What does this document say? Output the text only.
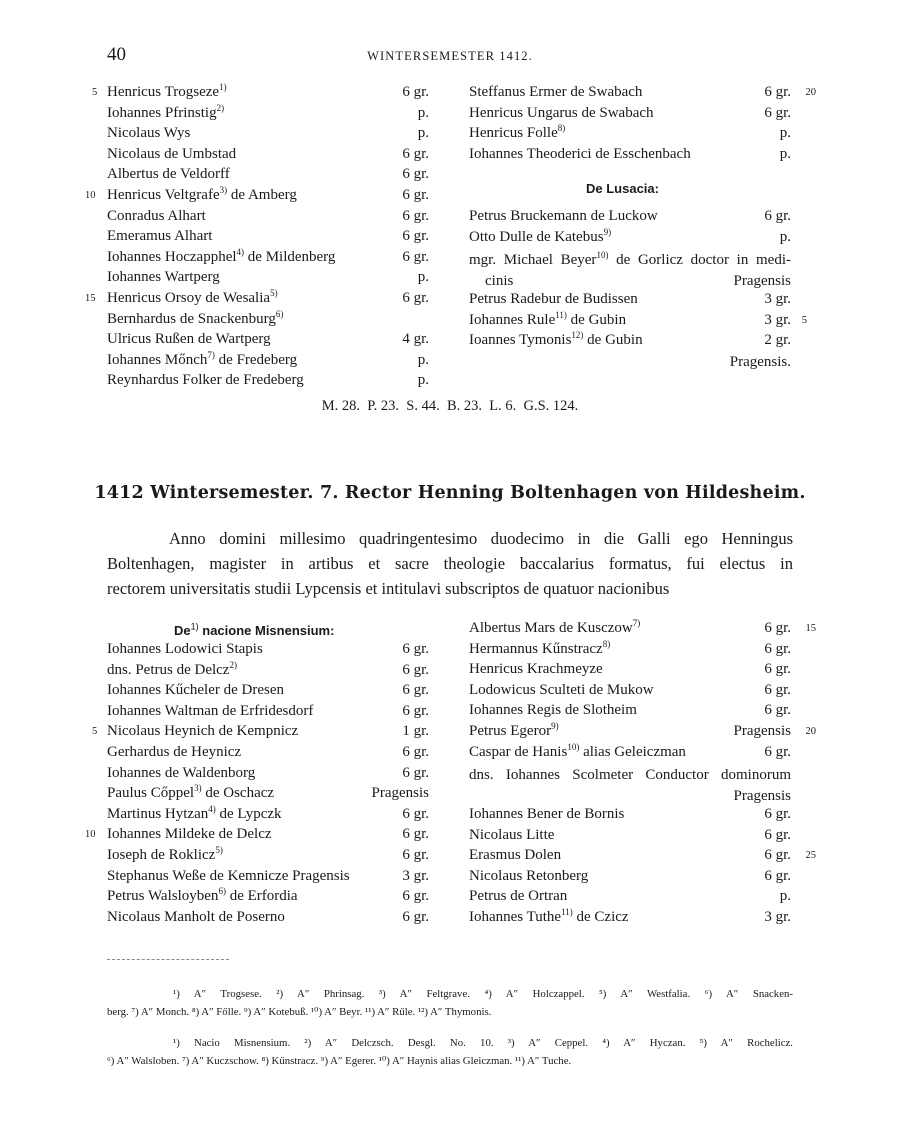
40	WINTERSEMESTER 1412.
5 Henricus Trogseze$^{1)}$	6 gr.
Iohannes Pfrinstig$^{2)}$	p.
Nicolaus Wys	p.
Nicolaus de Umbstad	6 gr.
Albertus de Veldorff	6 gr.
10 Henricus Veltgrafe$^{3)}$ de Amberg	6 gr.
Conradus Alhart	6 gr.
Emeramus Alhart	6 gr.
Iohannes Hoczapphel$^{4)}$ de Mildenberg	6 gr.
Iohannes Wartperg	p.
15 Henricus Orsoy de Wesalia$^{5)}$	6 gr.
Bernhardus de Snackenburg$^{6)}$
Ulricus Rußen de Wartperg	4 gr.
Iohannes Mőnch$^{7)}$ de Fredeberg	p.
Reynhardus Folker de Fredeberg	p.
Steffanus Ermer de Swabach	6 gr. 20
Henricus Ungarus de Swabach	6 gr.
Henricus Folle$^{8)}$	p.
Iohannes Theoderici de Esschenbach	p.
De Lusacia:
Petrus Bruckemann de Luckow	6 gr.
Otto Dulle de Katebus$^{9)}$	p.
mgr. Michael Beyer$^{10)}$ de Gorlicz doctor in medi-
cinis	Pragensis
Petrus Radebur de Budissen	3 gr.
Iohannes Rule$^{11)}$ de Gubin	3 gr. 5
Ioannes Tymonis$^{12)}$ de Gubin	2 gr.
Pragensis.
M. 28.  P. 23.  S. 44.  B. 23.  L. 6.  G.S. 124.
1412 Wintersemester. 7. Rector Henning Boltenhagen von Hildesheim.
Anno domini millesimo quadringentesimo duodecimo in die Galli ego Henningus
Boltenhagen, magister in artibus et sacre theologie baccalarius formatus, fui electus in
rectorem universitatis studii Lypcensis et intitulavi subscriptos de quatuor nacionibus
De$^{1)}$ nacione Misnensium:
Iohannes Lodowici Stapis	6 gr.
dns. Petrus de Delcz$^{2)}$	6 gr.
Iohannes Kűcheler de Dresen	6 gr.
Iohannes Waltman de Erfridesdorf	6 gr.
5 Nicolaus Heynich de Kempnicz	1 gr.
Gerhardus de Heynicz	6 gr.
Iohannes de Waldenborg	6 gr.
Paulus Cőppel$^{3)}$ de Oschacz	Pragensis
Martinus Hytzan$^{4)}$ de Lypczk	6 gr.
10 Iohannes Mildeke de Delcz	6 gr.
Ioseph de Roklicz$^{5)}$	6 gr.
Stephanus Weße de Kemnicze Pragensis	3 gr.
Petrus Walsloyben$^{6)}$ de Erfordia	6 gr.
Nicolaus Manholt de Poserno	6 gr.
Albertus Mars de Kusczow$^{7)}$	6 gr. 15
Hermannus Kűnstracz$^{8)}$	6 gr.
Henricus Krachmeyze	6 gr.
Lodowicus Sculteti de Mukow	6 gr.
Iohannes Regis de Slotheim	6 gr.
Petrus Egeror$^{9)}$	Pragensis 20
Caspar de Hanis$^{10)}$ alias Geleiczman	6 gr.
dns. Iohannes Scolmeter Conductor dominorum
Pragensis
Iohannes Bener de Bornis	6 gr.
Nicolaus Litte	6 gr.
Erasmus Dolen	6 gr. 25
Nicolaus Retonberg	6 gr.
Petrus de Ortran	p.
Iohannes Tuthe$^{11)}$ de Czicz	3 gr.
¹) A″ Trogsese. ²) A″ Phrinsag. ³) A″ Feltgrave. ⁴) A″ Holczappel. ⁵) A″ Westfalia. ⁶) A″ Snacken-
berg. ⁷) A″ Monch. ⁸) A″ Főlle. ⁹) A″ Kotebuß. ¹⁰) A″ Beyr. ¹¹) A″ Rűle. ¹²) A″ Thymonis.
¹) Nacio Misnensium. ²) A″ Delczsch. Desgl. No. 10. ³) A″ Ceppel. ⁴) A″ Hyczan. ⁵) A″ Rochelicz.
⁶) A″ Walsloben. ⁷) A″ Kuczschow. ⁸) Kűnstracz. ⁹) A″ Egerer. ¹⁰) A″ Haynis alias Gleiczman. ¹¹) A″ Tuche.
